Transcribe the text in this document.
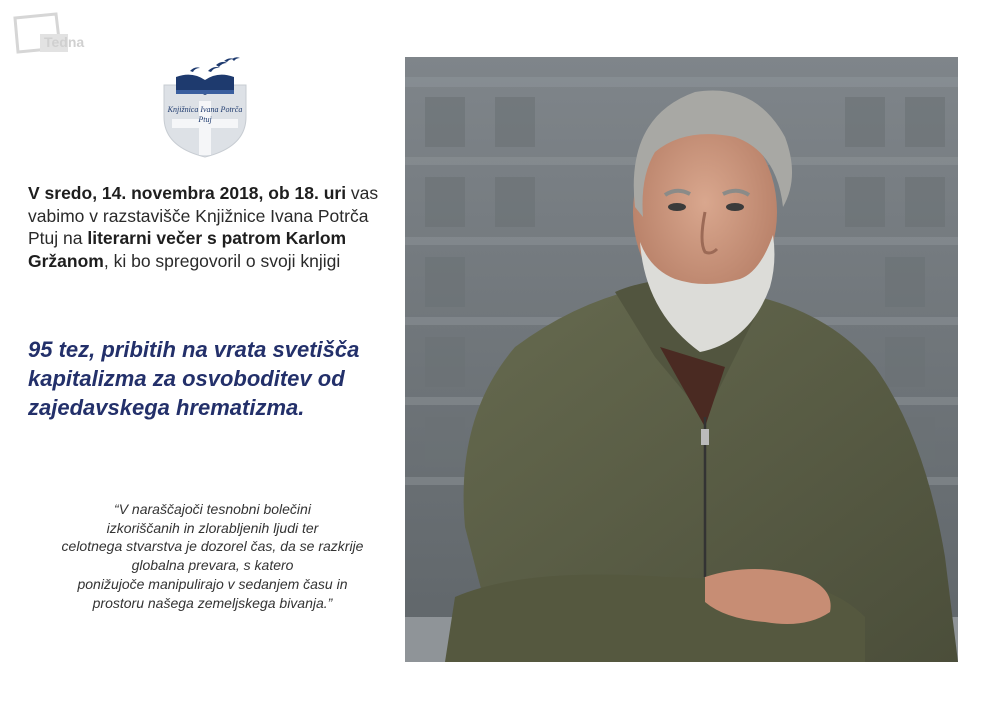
Tedna
Knjižnica Ivana Potrča
Ptuj
V sredo, 14. novembra 2018, ob 18. uri vas vabimo v razstavišče Knjižnice Ivana Potrča Ptuj na literarni večer s patrom Karlom Gržanom, ki bo spregovoril o svoji knjigi
95 tez, pribitih na vrata svetišča kapitalizma za osvoboditev od zajedavskega hrematizma.
“V naraščajoči tesnobni bolečini
izkoriščanih in zlorabljenih ljudi ter
celotnega stvarstva je dozorel čas, da se razkrije
globalna prevara, s katero
ponižujoče manipulirajo v sedanjem času in
prostoru našega zemeljskega bivanja.”
